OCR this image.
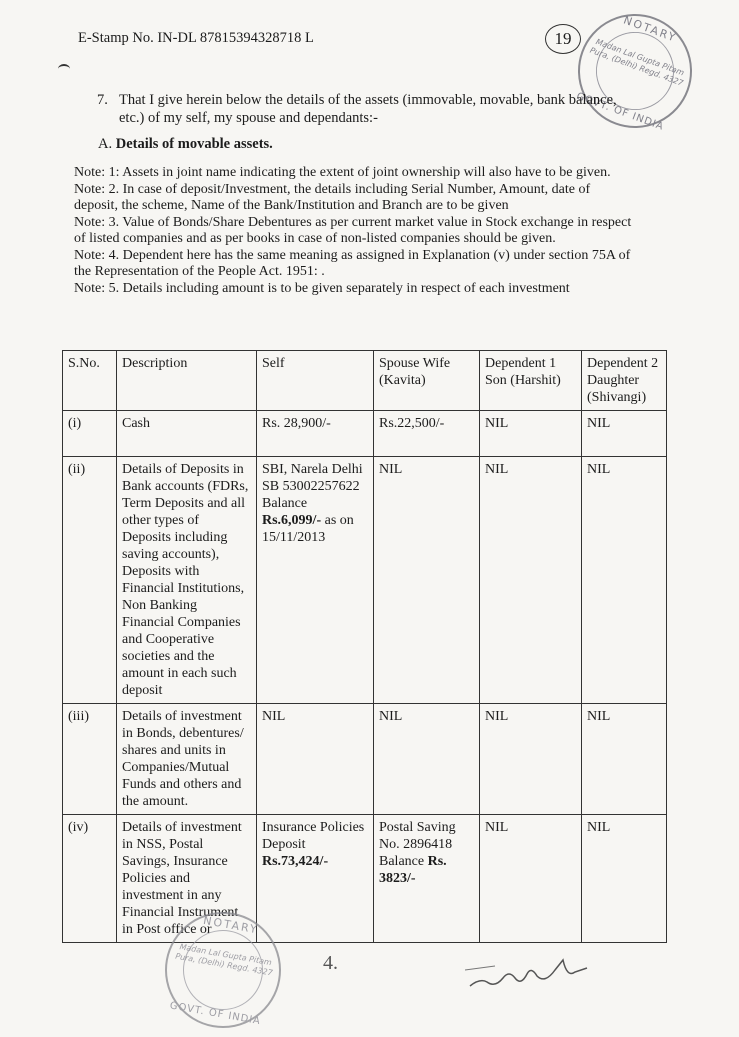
E-Stamp No. IN-DL 87815394328718 L	19	NOTARY
Madan Lal Gupta Pitam Pura, (Delhi) Regd. 4327
GOVT. OF INDIA
7. That I give herein below the details of the assets (immovable, movable, bank balance, etc.) of my self, my spouse and dependants:-
A. Details of movable assets.

Note: 1: Assets in joint name indicating the extent of joint ownership will also have to be given.

Note: 2. In case of deposit/Investment, the details including Serial Number, Amount, date of deposit, the scheme, Name of the Bank/Institution and Branch are to be given

Note: 3. Value of Bonds/Share Debentures as per current market value in Stock exchange in respect of listed companies and as per books in case of non-listed companies should be given.

Note: 4. Dependent here has the same meaning as assigned in Explanation (v) under section 75A of the Representation of the People Act. 1951: .

Note: 5. Details including amount is to be given separately in respect of each investment

S.No.	Description	Self	Spouse Wife (Kavita)	Dependent 1 Son (Harshit)	Dependent 2 Daughter (Shivangi)
(i)	Cash	Rs. 28,900/-	Rs.22,500/-	NIL	NIL
(ii)	Details of Deposits in Bank accounts (FDRs, Term Deposits and all other types of Deposits including saving accounts), Deposits with Financial Institutions, Non Banking Financial Companies and Cooperative societies and the amount in each such deposit	SBI, Narela Delhi SB 53002257622 Balance Rs.6,099/- as on 15/11/2013	NIL	NIL	NIL
(iii)	Details of investment in Bonds, debentures/ shares and units in Companies/Mutual Funds and others and the amount.	NIL	NIL	NIL	NIL
(iv)	Details of investment in NSS, Postal Savings, Insurance Policies and investment in any Financial Instrument in Post office or	Insurance Policies Deposit Rs.73,424/-	Postal Saving No. 2896418 Balance Rs. 3823/-	NIL	NIL
NOTARY
Madan Lal Gupta Pitam Pura, (Delhi) Regd. 4327
GOVT. OF INDIA
4.
